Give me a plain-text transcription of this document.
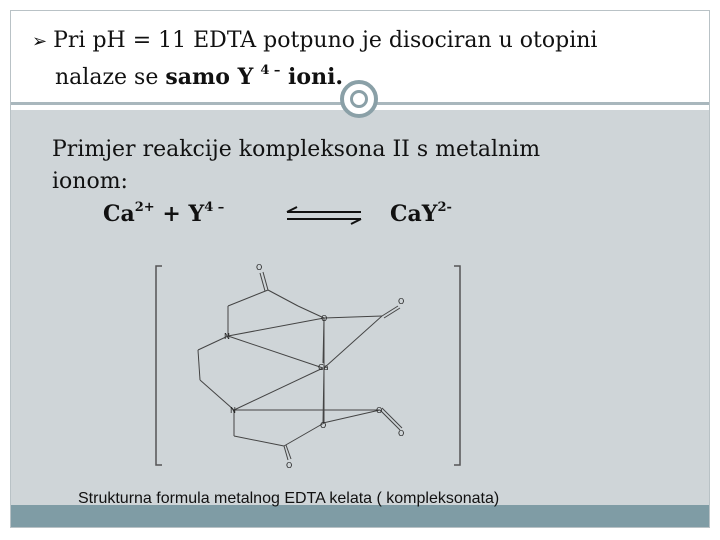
➢ Pri pH = 11 EDTA potpuno je disociran u otopini
nalaze se samo Y $^{4 -}$ ioni.
Primjer reakcije kompleksona II s metalnim
ionom:
$Ca^{2+} + Y^{4 -}$	CaY$^{2-}$
O
O
O
N
Ca
N	O
O
O
O
Strukturna formula metalnog EDTA kelata ( kompleksonata)
